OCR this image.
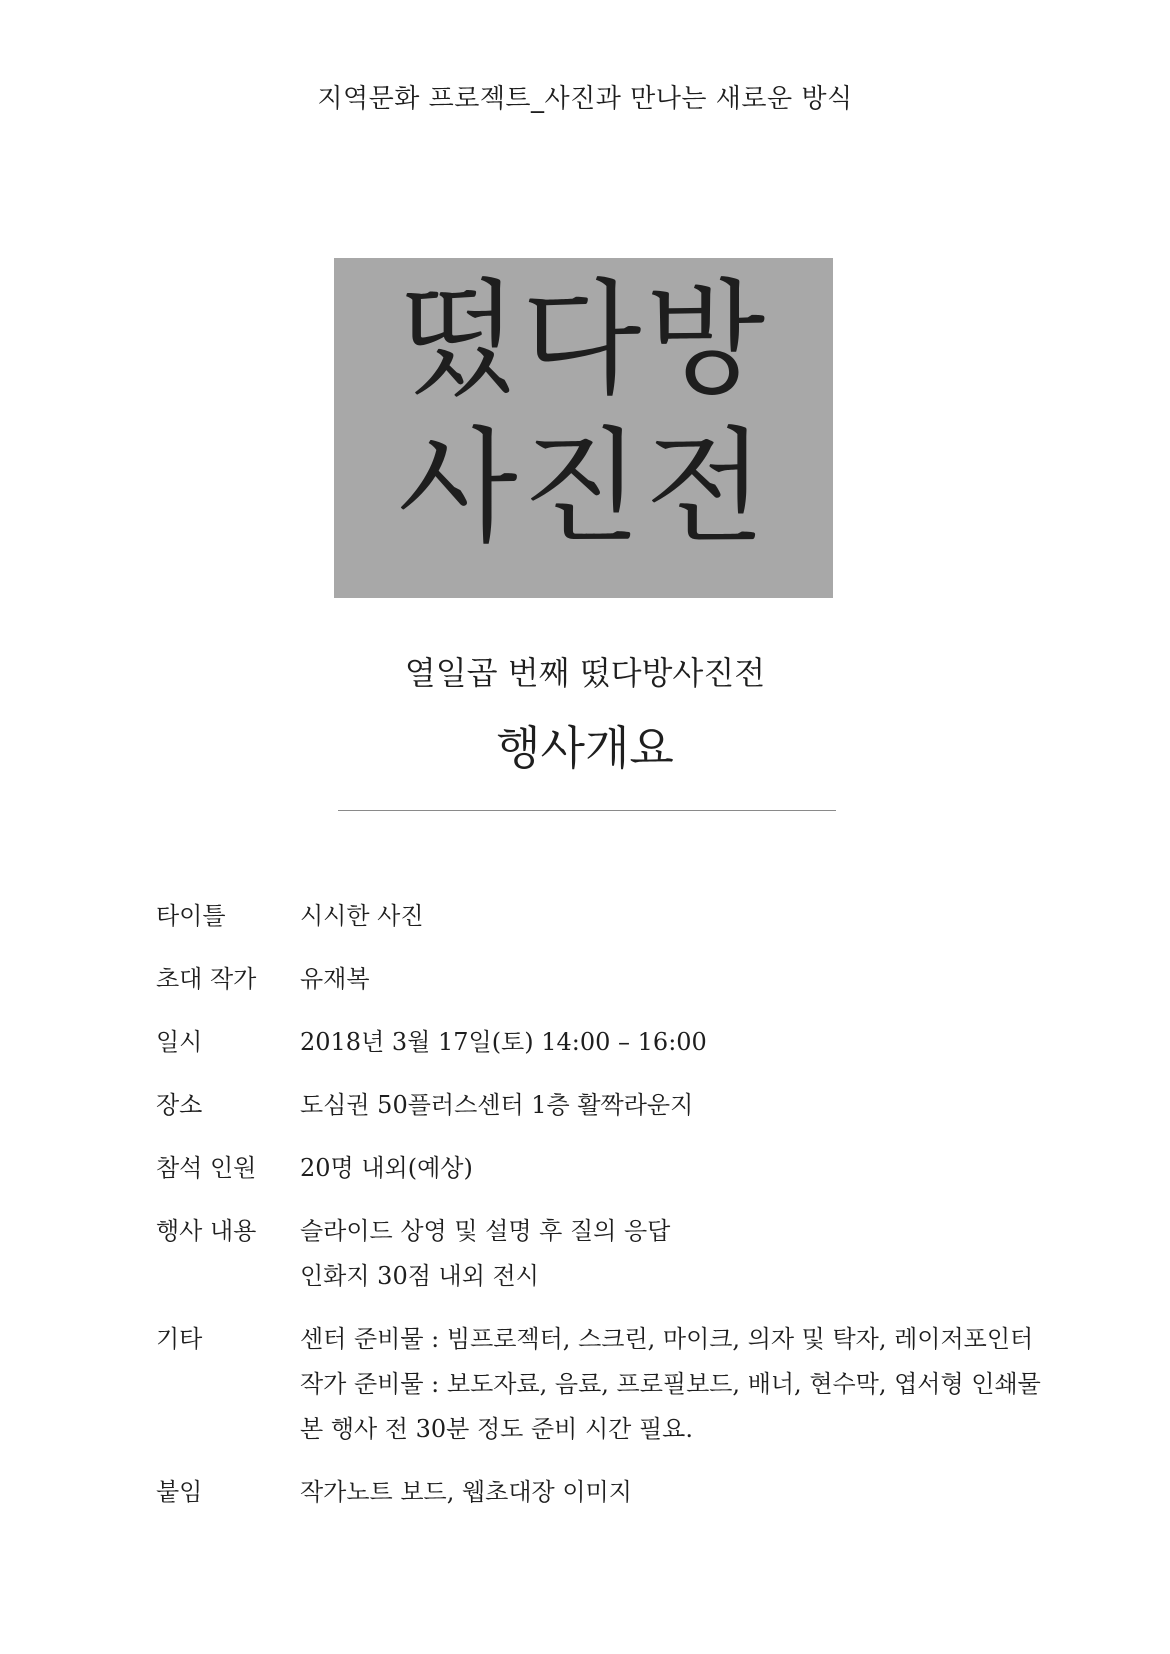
지역문화 프로젝트_사진과 만나는 새로운 방식
떴다방
사진전
열일곱 번째 떴다방사진전
행사개요
타이틀	시시한 사진
초대 작가	유재복
일시	2018년 3월 17일(토) 14:00 – 16:00
장소	도심권 50플러스센터 1층 활짝라운지
참석 인원	20명 내외(예상)
행사 내용	슬라이드 상영 및 설명 후 질의 응답
인화지 30점 내외 전시
기타	센터 준비물 : 빔프로젝터, 스크린, 마이크, 의자 및 탁자, 레이저포인터
작가 준비물 : 보도자료, 음료, 프로필보드, 배너, 현수막, 엽서형 인쇄물
본 행사 전 30분 정도 준비 시간 필요.
붙임	작가노트 보드, 웹초대장 이미지
